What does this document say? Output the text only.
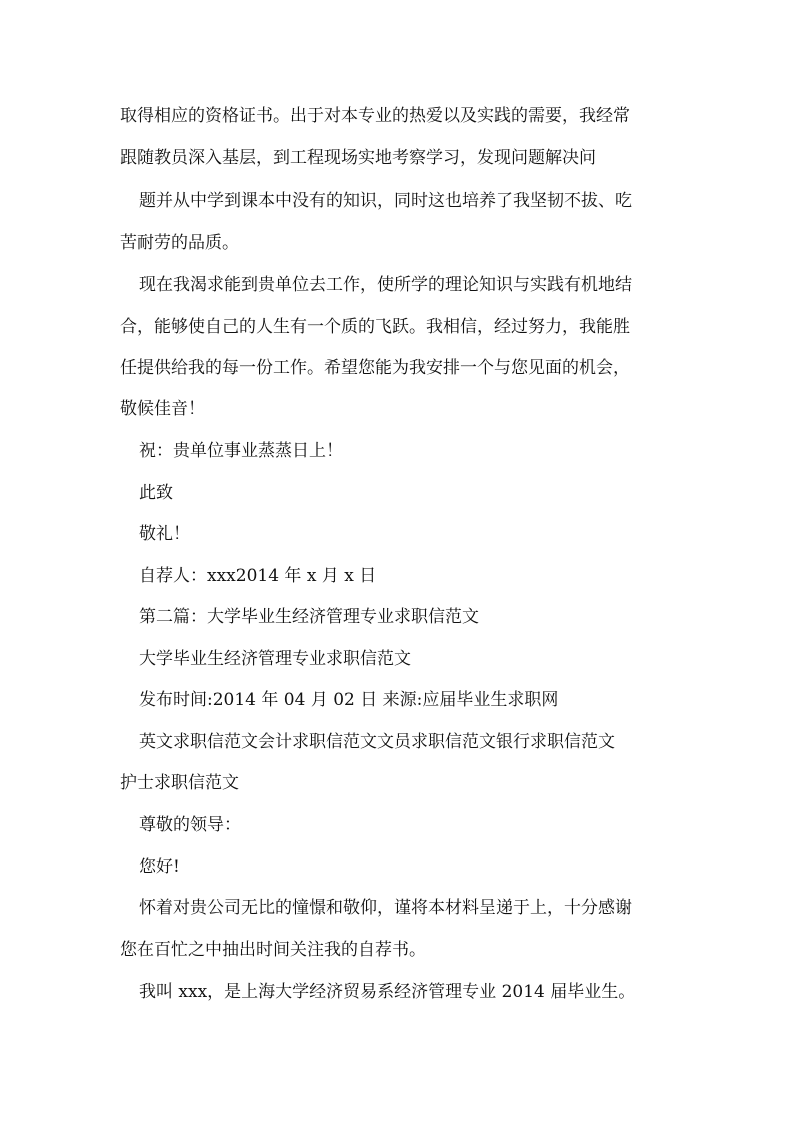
取得相应的资格证书。出于对本专业的热爱以及实践的需要，我经常

跟随教员深入基层，到工程现场实地考察学习，发现问题解决问

题并从中学到课本中没有的知识，同时这也培养了我坚韧不拔、吃

苦耐劳的品质。

现在我渴求能到贵单位去工作，使所学的理论知识与实践有机地结

合，能够使自己的人生有一个质的飞跃。我相信，经过努力，我能胜

任提供给我的每一份工作。希望您能为我安排一个与您见面的机会，

敬候佳音！

祝：贵单位事业蒸蒸日上！

此致

敬礼！

自荐人：xxx2014 年 x 月 x 日

第二篇：大学毕业生经济管理专业求职信范文

大学毕业生经济管理专业求职信范文

发布时间:2014 年 04 月 02 日 来源:应届毕业生求职网

英文求职信范文会计求职信范文文员求职信范文银行求职信范文

护士求职信范文

尊敬的领导：

您好!

怀着对贵公司无比的憧憬和敬仰，谨将本材料呈递于上，十分感谢

您在百忙之中抽出时间关注我的自荐书。

我叫 xxx，是上海大学经济贸易系经济管理专业 2014 届毕业生。
